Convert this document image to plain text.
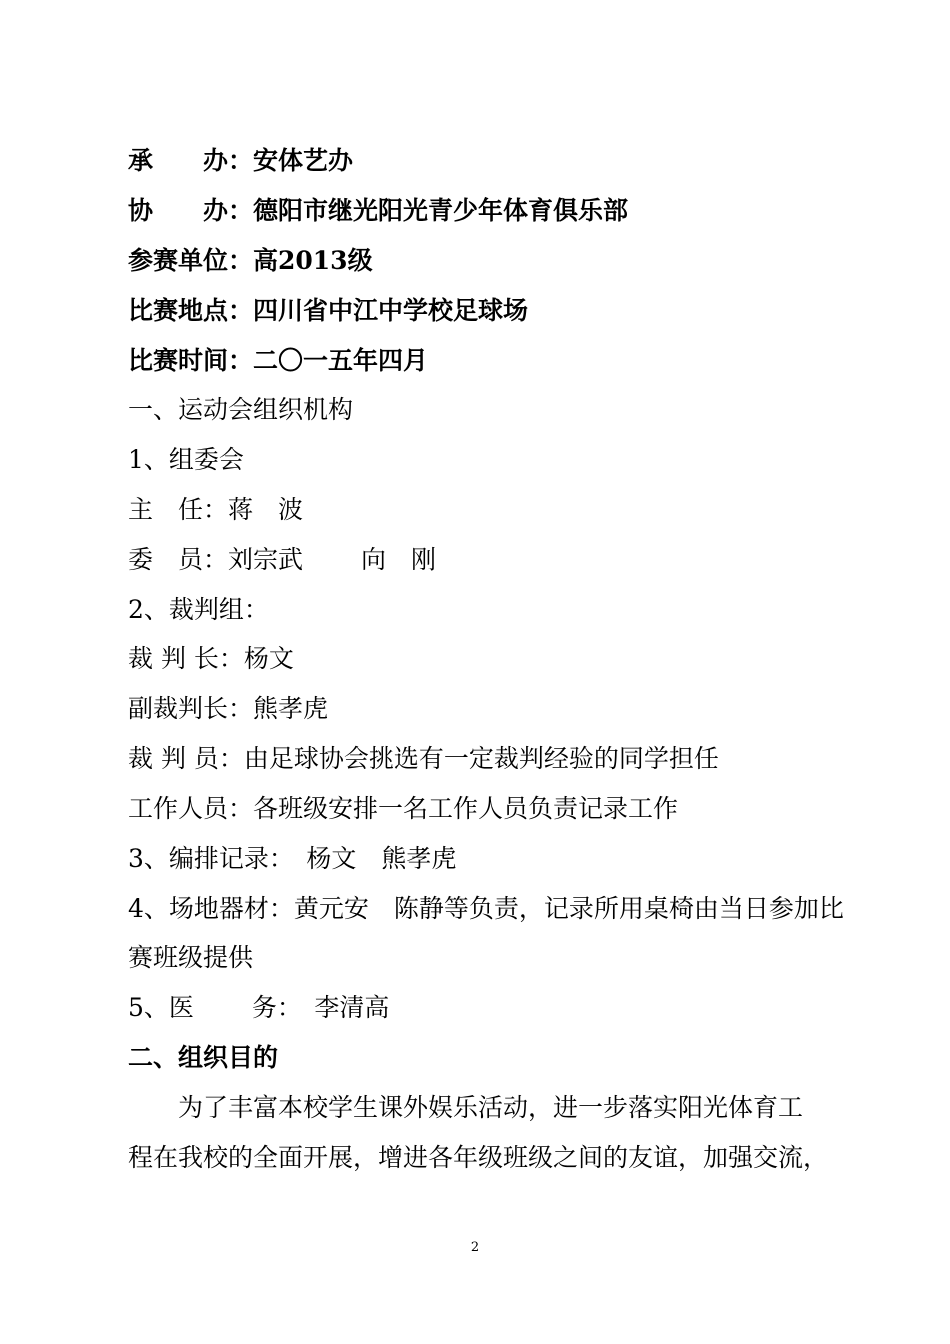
承　　办：安体艺办
协　　办：德阳市继光阳光青少年体育俱乐部
参赛单位：高2013级
比赛地点：四川省中江中学校足球场
比赛时间：二〇一五年四月
一、运动会组织机构
1、组委会
主　任：蒋　波
委　员：刘宗武　　 向　刚
2、裁判组：
裁 判 长：杨文
副裁判长：熊孝虎
裁 判 员：由足球协会挑选有一定裁判经验的同学担任
工作人员：各班级安排一名工作人员负责记录工作
3、编排记录：　杨文　熊孝虎
4、场地器材：黄元安　陈静等负责，记录所用桌椅由当日参加比
赛班级提供
5、医　　 务：　李清高
二、组织目的
为了丰富本校学生课外娱乐活动，进一步落实阳光体育工
程在我校的全面开展，增进各年级班级之间的友谊，加强交流，
2
